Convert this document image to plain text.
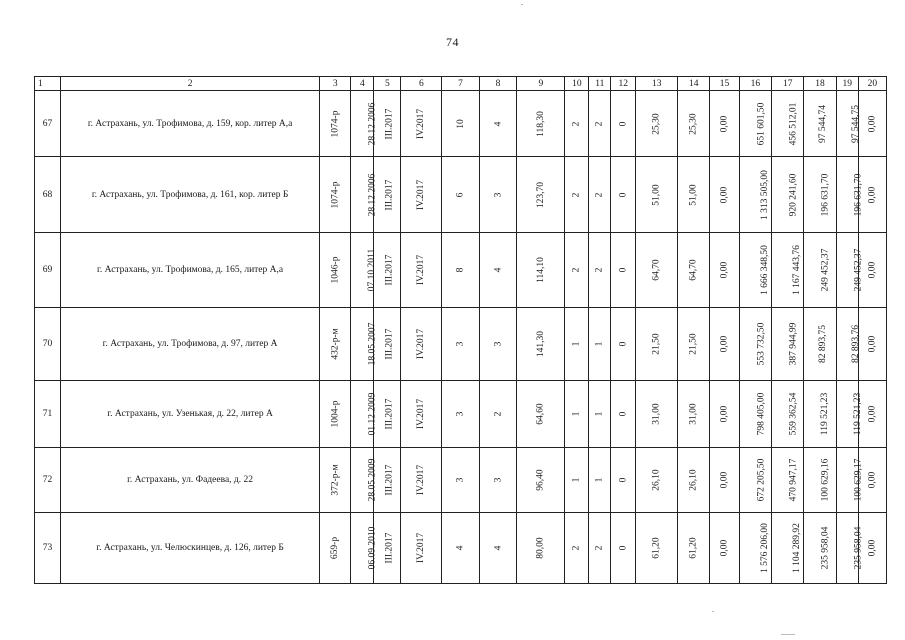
74
1	2	3	4	5	6	7	8	9	10	11	12	13	14	15	16	17	18	19	20
67	г. Астрахань, ул. Трофимова, д. 159, кор. литер А,а	1074-р	28.12.2006	III.2017	IV.2017	10	4	118,30	2	2	0	25,30	25,30	0,00	651 601,50	456 512,01	97 544,74	97 544,75	0,00
68	г. Астрахань, ул. Трофимова, д. 161, кор. литер Б	1074-р	28.12.2006	III.2017	IV.2017	6	3	123,70	2	2	0	51,00	51,00	0,00	1 313 505,00	920 241,60	196 631,70	196 631,70	0,00
69	г. Астрахань, ул. Трофимова, д. 165, литер А,а	1046-р	07.10.2011	III.2017	IV.2017	8	4	114,10	2	2	0	64,70	64,70	0,00	1 666 348,50	1 167 443,76	249 452,37	249 452,37	0,00
70	г. Астрахань, ул. Трофимова, д. 97, литер А	432-р-м	18.05.2007	III.2017	IV.2017	3	3	141,30	1	1	0	21,50	21,50	0,00	553 732,50	387 944,99	82 893,75	82 893,76	0,00
71	г. Астрахань, ул. Узенькая, д. 22, литер А	1004-р	01.12.2009	III.2017	IV.2017	3	2	64,60	1	1	0	31,00	31,00	0,00	798 405,00	559 362,54	119 521,23	119 521,23	0,00
72	г. Астрахань, ул. Фадеева, д. 22	372-р-м	28.05.2009	III.2017	IV.2017	3	3	96,40	1	1	0	26,10	26,10	0,00	672 205,50	470 947,17	100 629,16	100 629,17	0,00
73	г. Астрахань, ул. Челюскинцев, д. 126, литер Б	659-р	06.09.2010	III.2017	IV.2017	4	4	80,00	2	2	0	61,20	61,20	0,00	1 576 206,00	1 104 289,92	235 958,04	235 958,04	0,00
